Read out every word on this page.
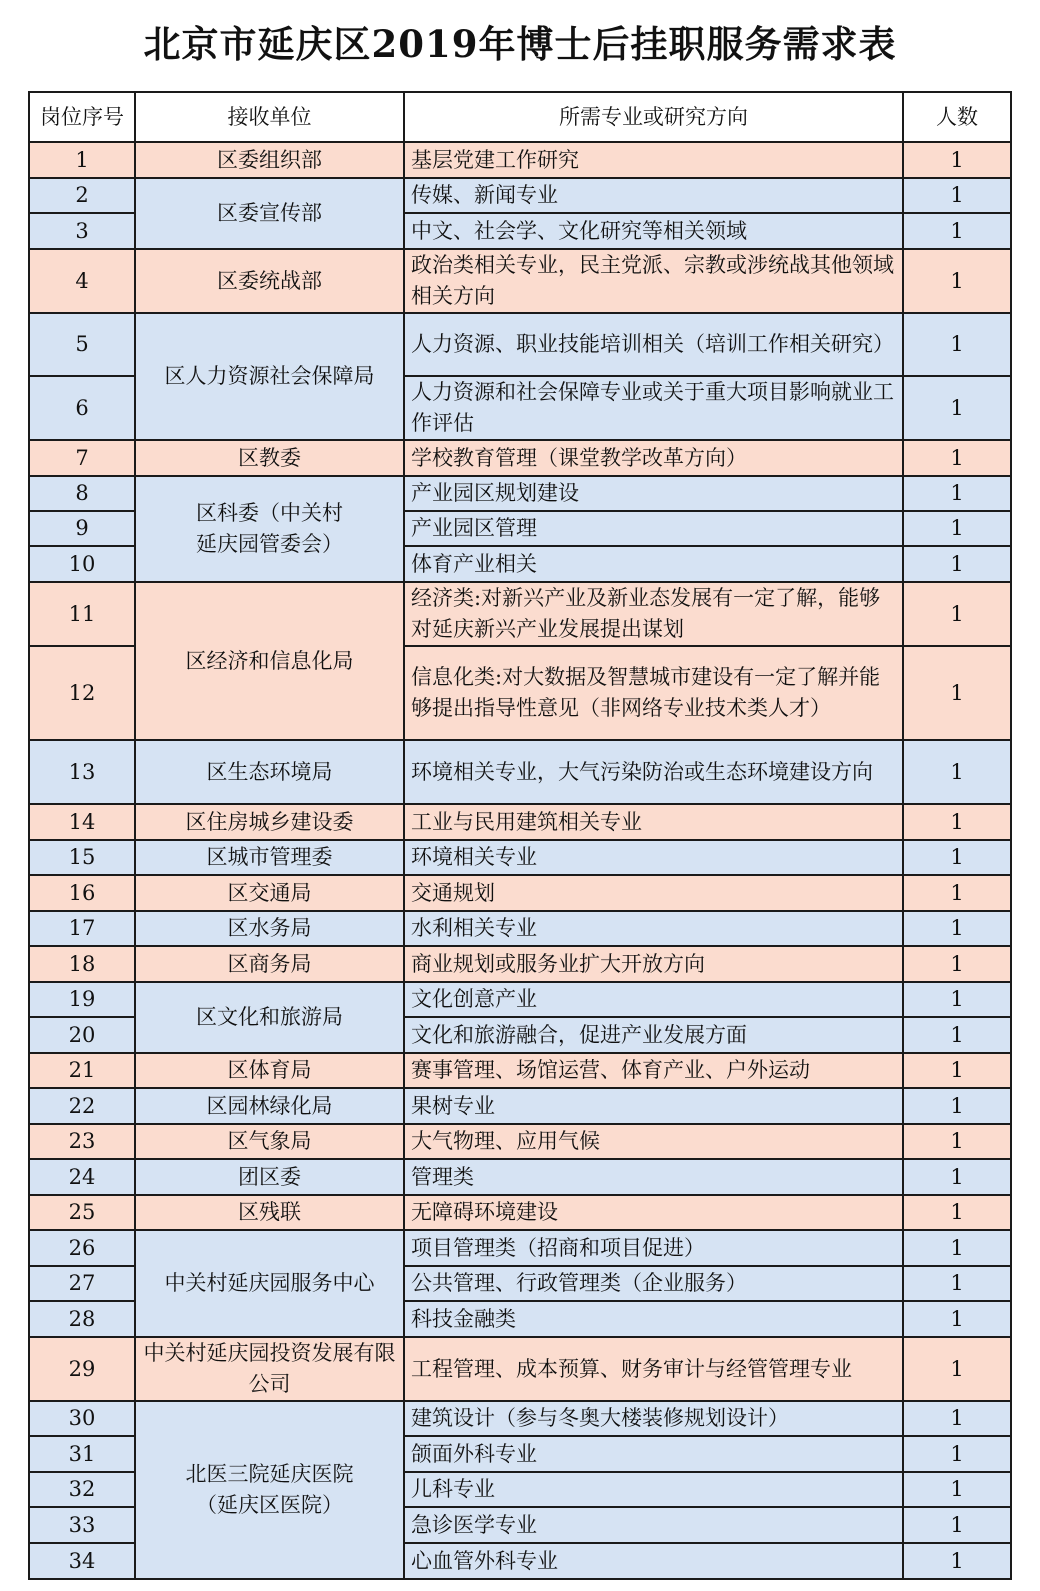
北京市延庆区2019年博士后挂职服务需求表
岗位序号	接收单位	所需专业或研究方向	人数
1	区委组织部	基层党建工作研究	1
2	区委宣传部	传媒、新闻专业	1
3		中文、社会学、文化研究等相关领域	1
4	区委统战部	政治类相关专业，民主党派、宗教或涉统战其他领域相关方向	1
5	区人力资源社会保障局	人力资源、职业技能培训相关（培训工作相关研究）	1
6		人力资源和社会保障专业或关于重大项目影响就业工作评估	1
7	区教委	学校教育管理（课堂教学改革方向）	1
8	区科委（中关村延庆园管委会）	产业园区规划建设	1
9		产业园区管理	1
10		体育产业相关	1
11	区经济和信息化局	经济类:对新兴产业及新业态发展有一定了解，能够对延庆新兴产业发展提出谋划	1
12		信息化类:对大数据及智慧城市建设有一定了解并能够提出指导性意见（非网络专业技术类人才）	1
13	区生态环境局	环境相关专业，大气污染防治或生态环境建设方向	1
14	区住房城乡建设委	工业与民用建筑相关专业	1
15	区城市管理委	环境相关专业	1
16	区交通局	交通规划	1
17	区水务局	水利相关专业	1
18	区商务局	商业规划或服务业扩大开放方向	1
19	区文化和旅游局	文化创意产业	1
20		文化和旅游融合，促进产业发展方面	1
21	区体育局	赛事管理、场馆运营、体育产业、户外运动	1
22	区园林绿化局	果树专业	1
23	区气象局	大气物理、应用气候	1
24	团区委	管理类	1
25	区残联	无障碍环境建设	1
26	中关村延庆园服务中心	项目管理类（招商和项目促进）	1
27		公共管理、行政管理类（企业服务）	1
28		科技金融类	1
29	中关村延庆园投资发展有限公司	工程管理、成本预算、财务审计与经管管理专业	1
30	北医三院延庆医院（延庆区医院）	建筑设计（参与冬奥大楼装修规划设计）	1
31		颌面外科专业	1
32		儿科专业	1
33		急诊医学专业	1
34		心血管外科专业	1
